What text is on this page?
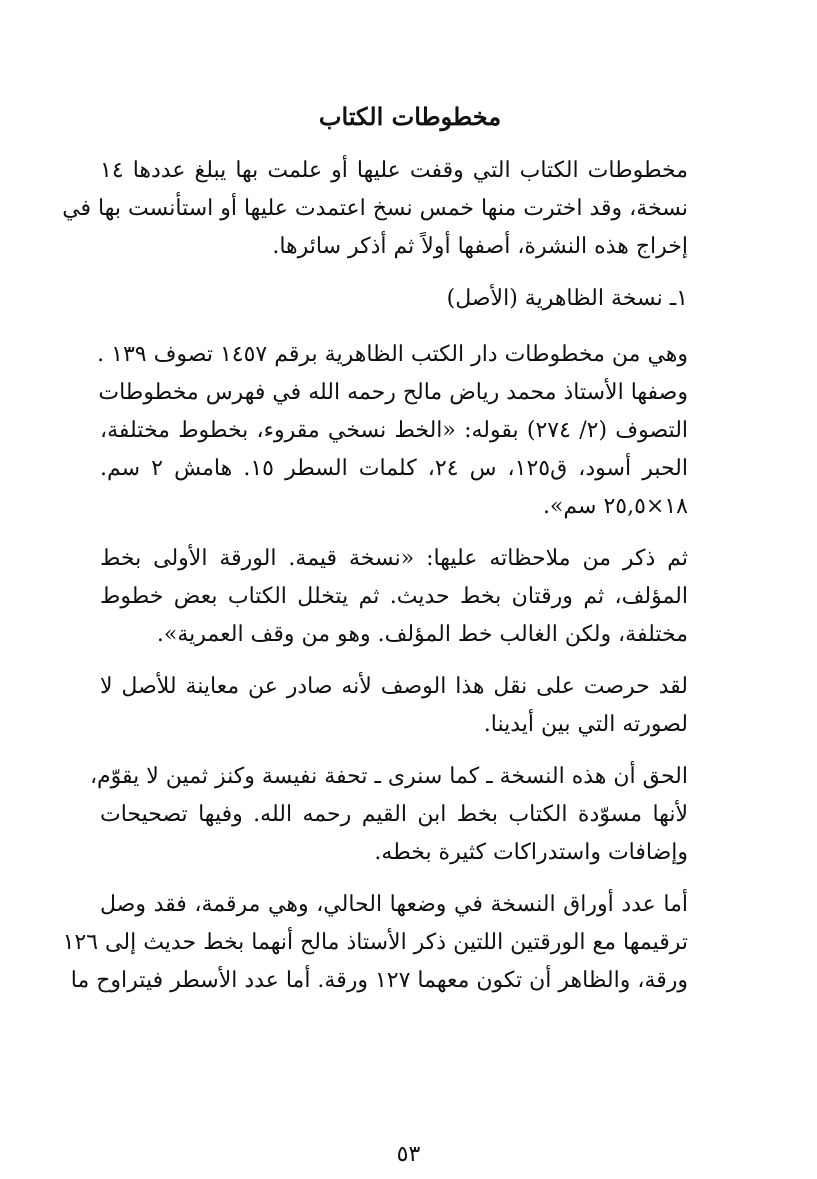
مخطوطات الكتاب
مخطوطات الكتاب التي وقفت عليها أو علمت بها يبلغ عددها ١٤
نسخة، وقد اخترت منها خمس نسخ اعتمدت عليها أو استأنست بها في
إخراج هذه النشرة، أصفها أولاً ثم أذكر سائرها.
١ـ نسخة الظاهرية (الأصل)
وهي من مخطوطات دار الكتب الظاهرية برقم ١٤٥٧ تصوف ١٣٩ .
وصفها الأستاذ محمد رياض مالح رحمه الله في فهرس مخطوطات
التصوف (٢/ ٢٧٤) بقوله: «الخط نسخي مقروء، بخطوط مختلفة،
الحبر أسود، ق١٢٥، س ٢٤، كلمات السطر ١٥. هامش ٢ سم.
١٨×٢٥,٥ سم».
ثم ذكر من ملاحظاته عليها: «نسخة قيمة. الورقة الأولى بخط
المؤلف، ثم ورقتان بخط حديث. ثم يتخلل الكتاب بعض خطوط
مختلفة، ولكن الغالب خط المؤلف. وهو من وقف العمرية».
لقد حرصت على نقل هذا الوصف لأنه صادر عن معاينة للأصل لا
لصورته التي بين أيدينا.
الحق أن هذه النسخة ـ كما سنرى ـ تحفة نفيسة وكنز ثمين لا يقوّم،
لأنها مسوّدة الكتاب بخط ابن القيم رحمه الله. وفيها تصحيحات
وإضافات واستدراكات كثيرة بخطه.
أما عدد أوراق النسخة في وضعها الحالي، وهي مرقمة، فقد وصل
ترقيمها مع الورقتين اللتين ذكر الأستاذ مالح أنهما بخط حديث إلى ١٢٦
ورقة، والظاهر أن تكون معهما ١٢٧ ورقة. أما عدد الأسطر فيتراوح ما
٥٣
